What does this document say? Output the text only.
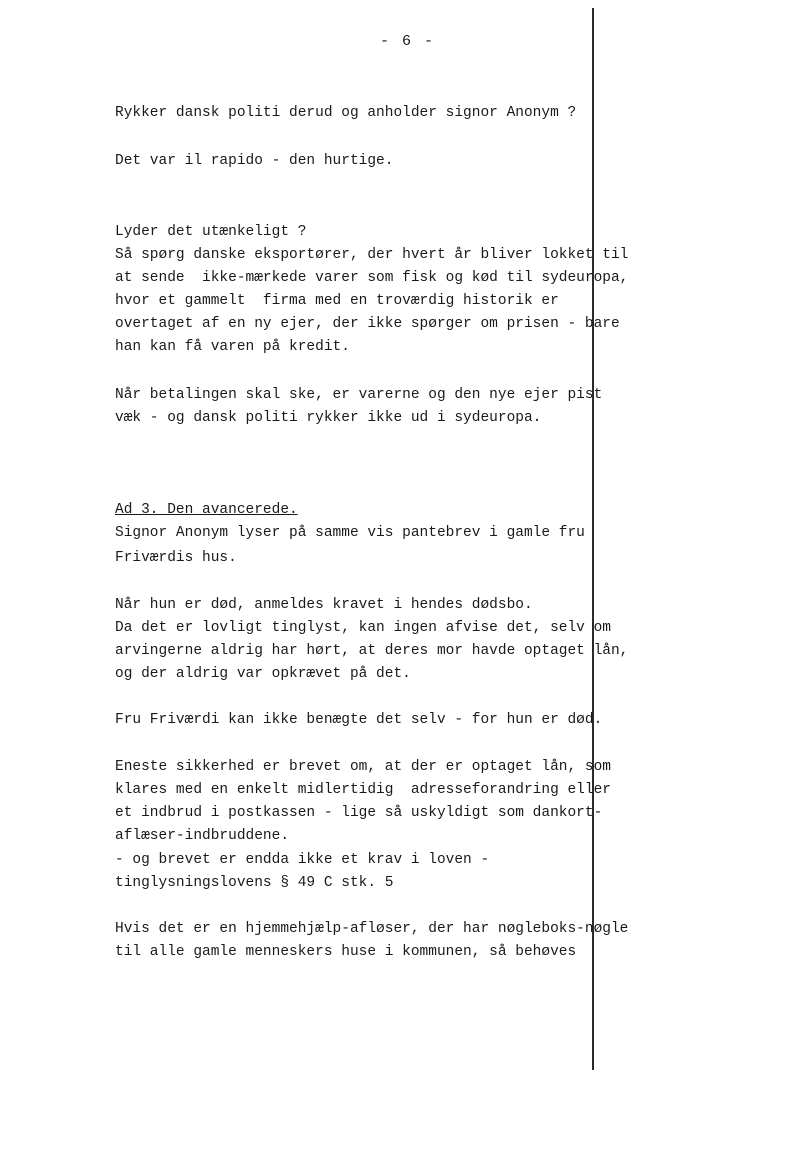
- 6 -
Rykker dansk politi derud og anholder signor Anonym ?
Det var il rapido - den hurtige.
Lyder det utænkeligt ?
Så spørg danske eksportører, der hvert år bliver lokket til
at sende  ikke-mærkede varer som fisk og kød til sydeuropa,
hvor et gammelt  firma med en troværdig historik er
overtaget af en ny ejer, der ikke spørger om prisen - bare
han kan få varen på kredit.
Når betalingen skal ske, er varerne og den nye ejer pist
væk - og dansk politi rykker ikke ud i sydeuropa.
Ad 3. Den avancerede.
Signor Anonym lyser på samme vis pantebrev i gamle fru
Friværdis hus.
Når hun er død, anmeldes kravet i hendes dødsbo.
Da det er lovligt tinglyst, kan ingen afvise det, selv om
arvingerne aldrig har hørt, at deres mor havde optaget lån,
og der aldrig var opkrævet på det.
Fru Friværdi kan ikke benægte det selv - for hun er død.
Eneste sikkerhed er brevet om, at der er optaget lån, som
klares med en enkelt midlertidig  adresseforandring eller
et indbrud i postkassen - lige så uskyldigt som dankort-
aflæser-indbruddene.
- og brevet er endda ikke et krav i loven -
tinglysningslovens § 49 C stk. 5
Hvis det er en hjemmehjælp-afløser, der har nøgleboks-nøgle
til alle gamle menneskers huse i kommunen, så behøves
